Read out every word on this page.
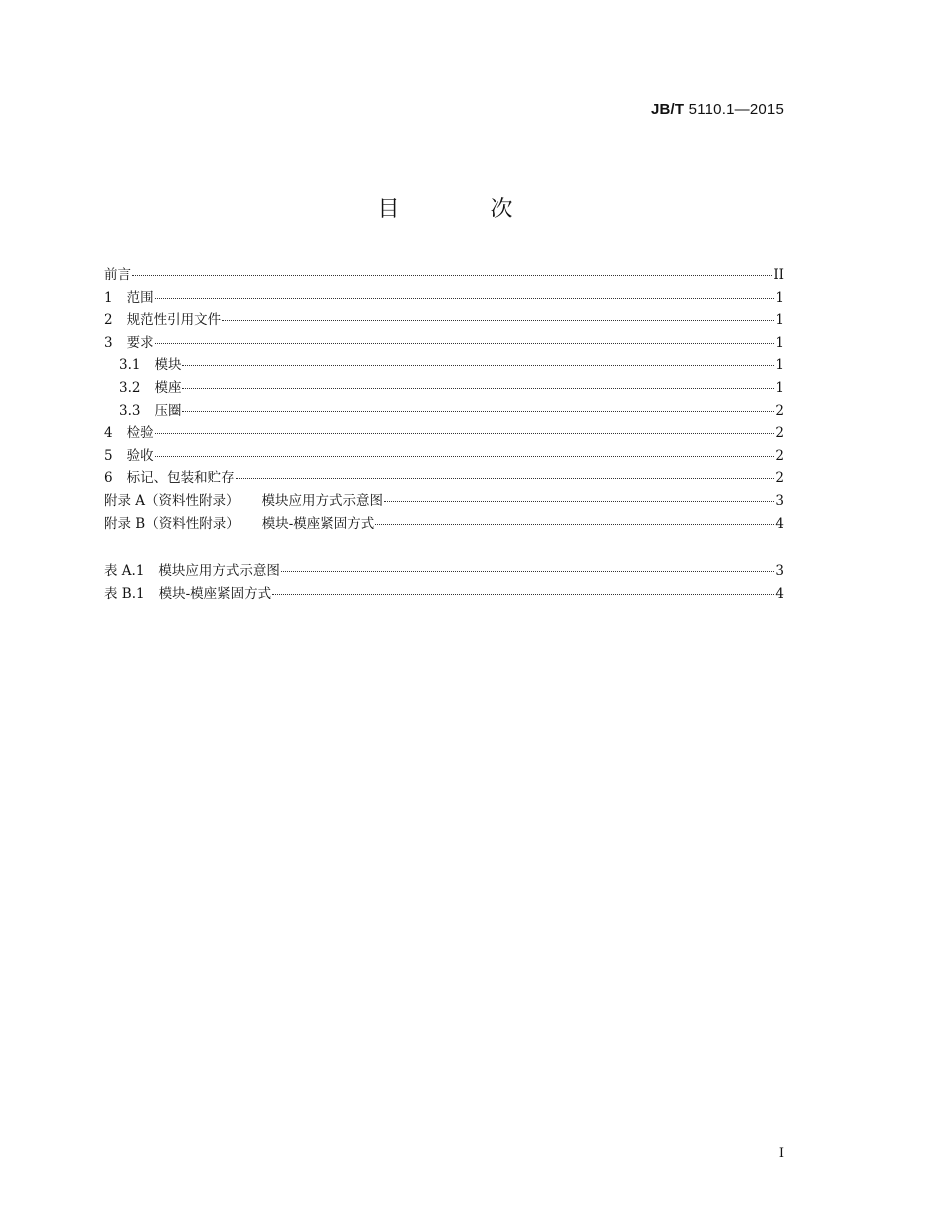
JB/T 5110.1—2015
目 次
前言	II
1 范围	1
2 规范性引用文件	1
3 要求	1
3.1 模块	1
3.2 模座	1
3.3 压圈	2
4 检验	2
5 验收	2
6 标记、包装和贮存	2
附录 A（资料性附录） 模块应用方式示意图	3
附录 B（资料性附录） 模块-模座紧固方式	4
表 A.1 模块应用方式示意图	3
表 B.1 模块-模座紧固方式	4
I
